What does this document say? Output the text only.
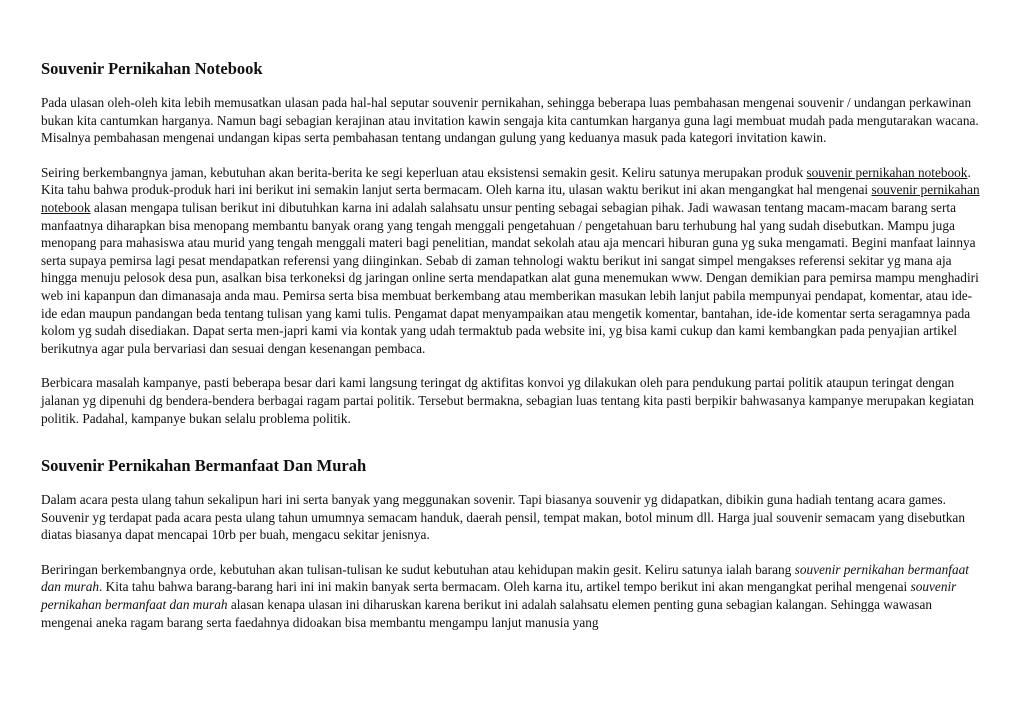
Souvenir Pernikahan Notebook

Pada ulasan oleh-oleh kita lebih memusatkan ulasan pada hal-hal seputar souvenir pernikahan, sehingga beberapa luas pembahasan mengenai souvenir / undangan perkawinan bukan kita cantumkan harganya. Namun bagi sebagian kerajinan atau invitation kawin sengaja kita cantumkan harganya guna lagi membuat mudah pada mengutarakan wacana. Misalnya pembahasan mengenai undangan kipas serta pembahasan tentang undangan gulung yang keduanya masuk pada kategori invitation kawin.

Seiring berkembangnya jaman, kebutuhan akan berita-berita ke segi keperluan atau eksistensi semakin gesit. Keliru satunya merupakan produk souvenir pernikahan notebook. Kita tahu bahwa produk-produk hari ini berikut ini semakin lanjut serta bermacam. Oleh karna itu, ulasan waktu berikut ini akan mengangkat hal mengenai souvenir pernikahan notebook alasan mengapa tulisan berikut ini dibutuhkan karna ini adalah salahsatu unsur penting sebagai sebagian pihak. Jadi wawasan tentang macam-macam barang serta manfaatnya diharapkan bisa menopang membantu banyak orang yang tengah menggali pengetahuan / pengetahuan baru terhubung hal yang sudah disebutkan. Mampu juga menopang para mahasiswa atau murid yang tengah menggali materi bagi penelitian, mandat sekolah atau aja mencari hiburan guna yg suka mengamati. Begini manfaat lainnya serta supaya pemirsa lagi pesat mendapatkan referensi yang diinginkan. Sebab di zaman tehnologi waktu berikut ini sangat simpel mengakses referensi sekitar yg mana aja hingga menuju pelosok desa pun, asalkan bisa terkoneksi dg jaringan online serta mendapatkan alat guna menemukan www. Dengan demikian para pemirsa mampu menghadiri web ini kapanpun dan dimanasaja anda mau. Pemirsa serta bisa membuat berkembang atau memberikan masukan lebih lanjut pabila mempunyai pendapat, komentar, atau ide-ide edan maupun pandangan beda tentang tulisan yang kami tulis. Pengamat dapat menyampaikan atau mengetik komentar, bantahan, ide-ide komentar serta seragamnya pada kolom yg sudah disediakan. Dapat serta men-japri kami via kontak yang udah termaktub pada website ini, yg bisa kami cukup dan kami kembangkan pada penyajian artikel berikutnya agar pula bervariasi dan sesuai dengan kesenangan pembaca.

Berbicara masalah kampanye, pasti beberapa besar dari kami langsung teringat dg aktifitas konvoi yg dilakukan oleh para pendukung partai politik ataupun teringat dengan jalanan yg dipenuhi dg bendera-bendera berbagai ragam partai politik. Tersebut bermakna, sebagian luas tentang kita pasti berpikir bahwasanya kampanye merupakan kegiatan politik. Padahal, kampanye bukan selalu problema politik.

Souvenir Pernikahan Bermanfaat Dan Murah

Dalam acara pesta ulang tahun sekalipun hari ini serta banyak yang meggunakan sovenir. Tapi biasanya souvenir yg didapatkan, dibikin guna hadiah tentang acara games. Souvenir yg terdapat pada acara pesta ulang tahun umumnya semacam handuk, daerah pensil, tempat makan, botol minum dll. Harga jual souvenir semacam yang disebutkan diatas biasanya dapat mencapai 10rb per buah, mengacu sekitar jenisnya.

Beriringan berkembangnya orde, kebutuhan akan tulisan-tulisan ke sudut kebutuhan atau kehidupan makin gesit. Keliru satunya ialah barang souvenir pernikahan bermanfaat dan murah. Kita tahu bahwa barang-barang hari ini ini makin banyak serta bermacam. Oleh karna itu, artikel tempo berikut ini akan mengangkat perihal mengenai souvenir pernikahan bermanfaat dan murah alasan kenapa ulasan ini diharuskan karena berikut ini adalah salahsatu elemen penting guna sebagian kalangan. Sehingga wawasan mengenai aneka ragam barang serta faedahnya didoakan bisa membantu mengampu lanjut manusia yang
